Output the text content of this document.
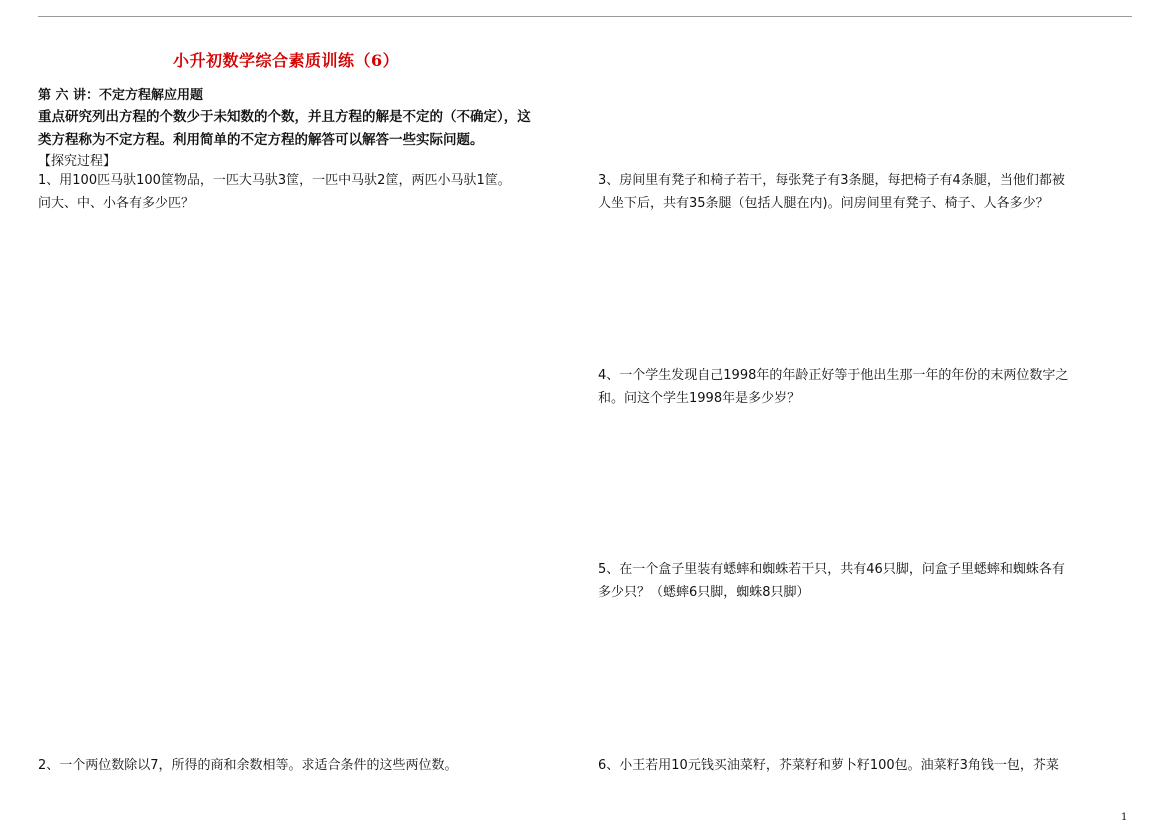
小升初数学综合素质训练（6）
第 六 讲：不定方程解应用题
重点研究列出方程的个数少于未知数的个数，并且方程的解是不定的（不确定），这
类方程称为不定方程。利用简单的不定方程的解答可以解答一些实际问题。
【探究过程】
1、用100匹马驮100筐物品，一匹大马驮3筐，一匹中马驮2筐，两匹小马驮1筐。
问大、中、小各有多少匹？
2、一个两位数除以7，所得的商和余数相等。求适合条件的这些两位数。
3、房间里有凳子和椅子若干，每张凳子有3条腿，每把椅子有4条腿，当他们都被
人坐下后，共有35条腿（包括人腿在内)。问房间里有凳子、椅子、人各多少？
4、一个学生发现自己1998年的年龄正好等于他出生那一年的年份的末两位数字之
和。问这个学生1998年是多少岁？
5、在一个盒子里装有蟋蟀和蜘蛛若干只，共有46只脚，问盒子里蟋蟀和蜘蛛各有
多少只？（蟋蟀6只脚，蜘蛛8只脚）
6、小王若用10元钱买油菜籽，芥菜籽和萝卜籽100包。油菜籽3角钱一包，芥菜
1
